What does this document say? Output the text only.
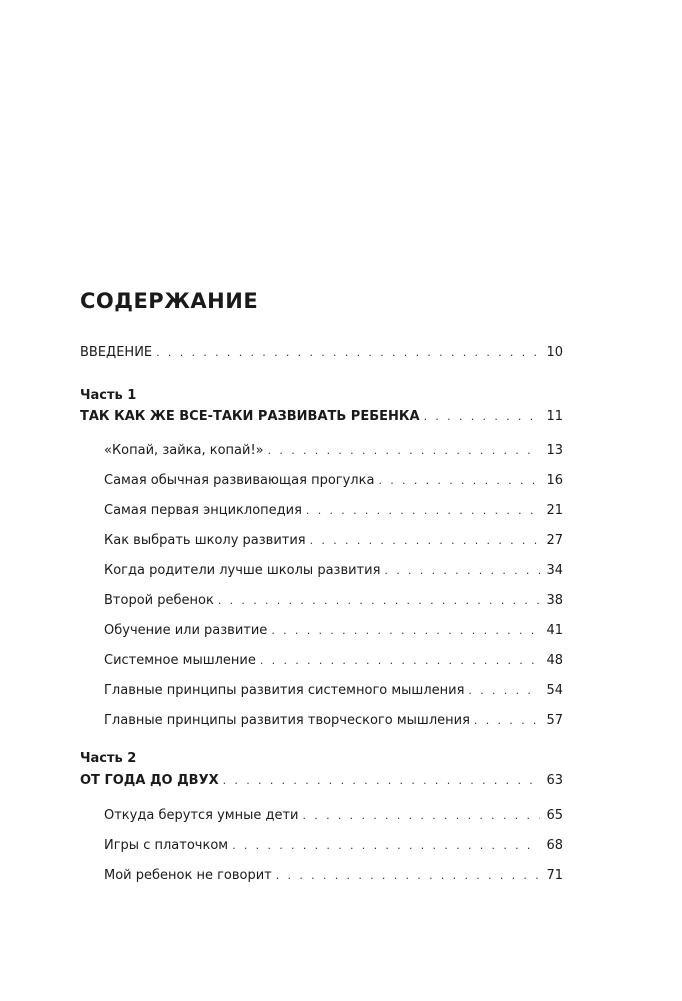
СОДЕРЖАНИЕ
ВВЕДЕНИЕ . . .	10
Часть 1
ТАК КАК ЖЕ ВСЕ-ТАКИ РАЗВИВАТЬ РЕБЕНКА . . .	11
«Копай, зайка, копай!» . . .	13
Самая обычная развивающая прогулка . . .	16
Самая первая энциклопедия . . .	21
Как выбрать школу развития . . .	27
Когда родители лучше школы развития . . .	34
Второй ребенок . . .	38
Обучение или развитие . . .	41
Системное мышление . . .	48
Главные принципы развития системного мышления . . .	54
Главные принципы развития творческого мышления . . .	57
Часть 2
ОТ ГОДА ДО ДВУХ . . .	63
Откуда берутся умные дети . . .	65
Игры с платочком . . .	68
Мой ребенок не говорит . . .	71
